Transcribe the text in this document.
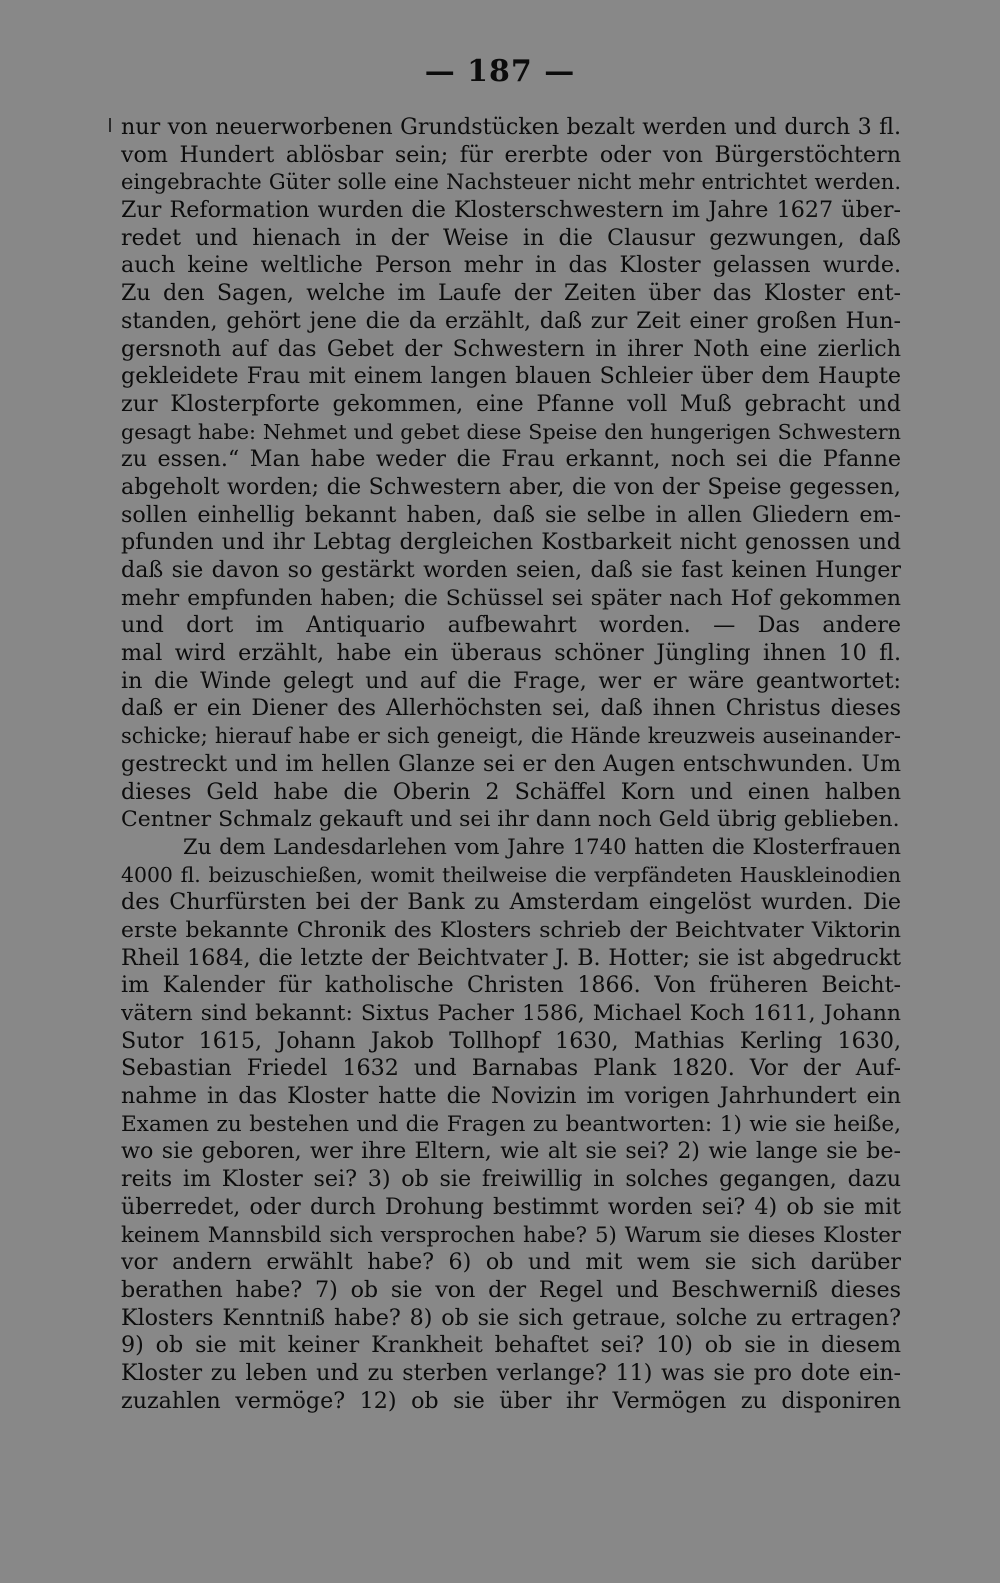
— 187 —
nur von neuerworbenen Grundstücken bezalt werden und durch 3 fl.
vom Hundert ablösbar sein; für ererbte oder von Bürgerstöchtern
eingebrachte Güter solle eine Nachsteuer nicht mehr entrichtet werden.
Zur Reformation wurden die Klosterschwestern im Jahre 1627 über-
redet und hienach in der Weise in die Clausur gezwungen, daß
auch keine weltliche Person mehr in das Kloster gelassen wurde.
Zu den Sagen, welche im Laufe der Zeiten über das Kloster ent-
standen, gehört jene die da erzählt, daß zur Zeit einer großen Hun-
gersnoth auf das Gebet der Schwestern in ihrer Noth eine zierlich
gekleidete Frau mit einem langen blauen Schleier über dem Haupte
zur Klosterpforte gekommen, eine Pfanne voll Muß gebracht und
gesagt habe: Nehmet und gebet diese Speise den hungerigen Schwestern
zu essen.“ Man habe weder die Frau erkannt, noch sei die Pfanne
abgeholt worden; die Schwestern aber, die von der Speise gegessen,
sollen einhellig bekannt haben, daß sie selbe in allen Gliedern em-
pfunden und ihr Lebtag dergleichen Kostbarkeit nicht genossen und
daß sie davon so gestärkt worden seien, daß sie fast keinen Hunger
mehr empfunden haben; die Schüssel sei später nach Hof gekommen
und dort im Antiquario aufbewahrt worden. — Das andere
mal wird erzählt, habe ein überaus schöner Jüngling ihnen 10 fl.
in die Winde gelegt und auf die Frage, wer er wäre geantwortet:
daß er ein Diener des Allerhöchsten sei, daß ihnen Christus dieses
schicke; hierauf habe er sich geneigt, die Hände kreuzweis auseinander-
gestreckt und im hellen Glanze sei er den Augen entschwunden. Um
dieses Geld habe die Oberin 2 Schäffel Korn und einen halben
Centner Schmalz gekauft und sei ihr dann noch Geld übrig geblieben.
Zu dem Landesdarlehen vom Jahre 1740 hatten die Klosterfrauen
4000 fl. beizuschießen, womit theilweise die verpfändeten Hauskleinodien
des Churfürsten bei der Bank zu Amsterdam eingelöst wurden. Die
erste bekannte Chronik des Klosters schrieb der Beichtvater Viktorin
Rheil 1684, die letzte der Beichtvater J. B. Hotter; sie ist abgedruckt
im Kalender für katholische Christen 1866. Von früheren Beicht-
vätern sind bekannt: Sixtus Pacher 1586, Michael Koch 1611, Johann
Sutor 1615, Johann Jakob Tollhopf 1630, Mathias Kerling 1630,
Sebastian Friedel 1632 und Barnabas Plank 1820. Vor der Auf-
nahme in das Kloster hatte die Novizin im vorigen Jahrhundert ein
Examen zu bestehen und die Fragen zu beantworten: 1) wie sie heiße,
wo sie geboren, wer ihre Eltern, wie alt sie sei? 2) wie lange sie be-
reits im Kloster sei? 3) ob sie freiwillig in solches gegangen, dazu
überredet, oder durch Drohung bestimmt worden sei? 4) ob sie mit
keinem Mannsbild sich versprochen habe? 5) Warum sie dieses Kloster
vor andern erwählt habe? 6) ob und mit wem sie sich darüber
berathen habe? 7) ob sie von der Regel und Beschwerniß dieses
Klosters Kenntniß habe? 8) ob sie sich getraue, solche zu ertragen?
9) ob sie mit keiner Krankheit behaftet sei? 10) ob sie in diesem
Kloster zu leben und zu sterben verlange? 11) was sie pro dote ein-
zuzahlen vermöge? 12) ob sie über ihr Vermögen zu disponiren
